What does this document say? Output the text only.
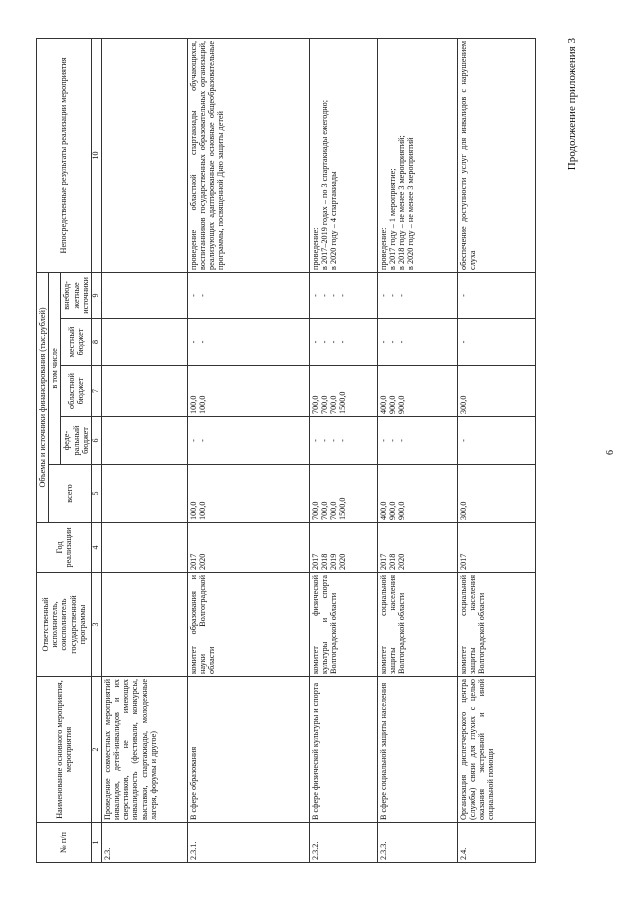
6
Продолжение приложения 3
№ п/п	Наименование основного мероприятия, мероприятия	Ответственный исполнитель, соисполнитель государственной программы	Год реализации	Объемы и источники финансирования (тыс.рублей)					Непосредственные результаты реализации мероприятия
				всего	в том числе				
					феде-ральный бюджет	областной бюджет	местный бюджет	внебюд-жетные источники	
1	2	3	4	5	6	7	8	9	10
2.3.	Проведение совместных мероприятий инвалидов, детей-инвалидов и их сверстников, не имеющих инвалидность (фестивали, конкурсы, выставки, спартакиады, молодежные лагеря, форумы и другое)								
2.3.1.	В сфере образования	комитет образования и науки Волгоградской области	2017 2020	100,0 100,0	- -	100,0 100,0	- -	- -	проведение областной спартакиады обучающихся, воспитанников государственных образовательных организаций, реализующих адаптированные основные общеобразовательные программы, посвященной Дню защиты детей
2.3.2.	В сфере физической культуры и спорта	комитет физической культуры и спорта Волгоградской области	2017 2018 2019 2020	700,0 700,0 700,0 1500,0	- - - -	700,0 700,0 700,0 1500,0	- - - -	- - - -	проведение: в 2017–2019 годах – по 3 спартакиады ежегодно; в 2020 году – 4 спартакиады

2.3.3.	В сфере социальной защиты населения	комитет социальной защиты населения Волгоградской области	2017 2018 2020	400,0 900,0 900,0	- - -	400,0 900,0 900,0	- - -	- - -	проведение: в 2017 году – 1 мероприятие; в 2018 году – не менее 3 мероприятий; в 2020 году – не менее 3 мероприятий

2.4.	Организация диспетчерского центра (службы) связи для глухих с целью оказания экстренной и иной социальной помощи	комитет социальной защиты населения Волгоградской области	2017	300,0	-	300,0	-	-	обеспечение доступности услуг для инвалидов с нарушением слуха
